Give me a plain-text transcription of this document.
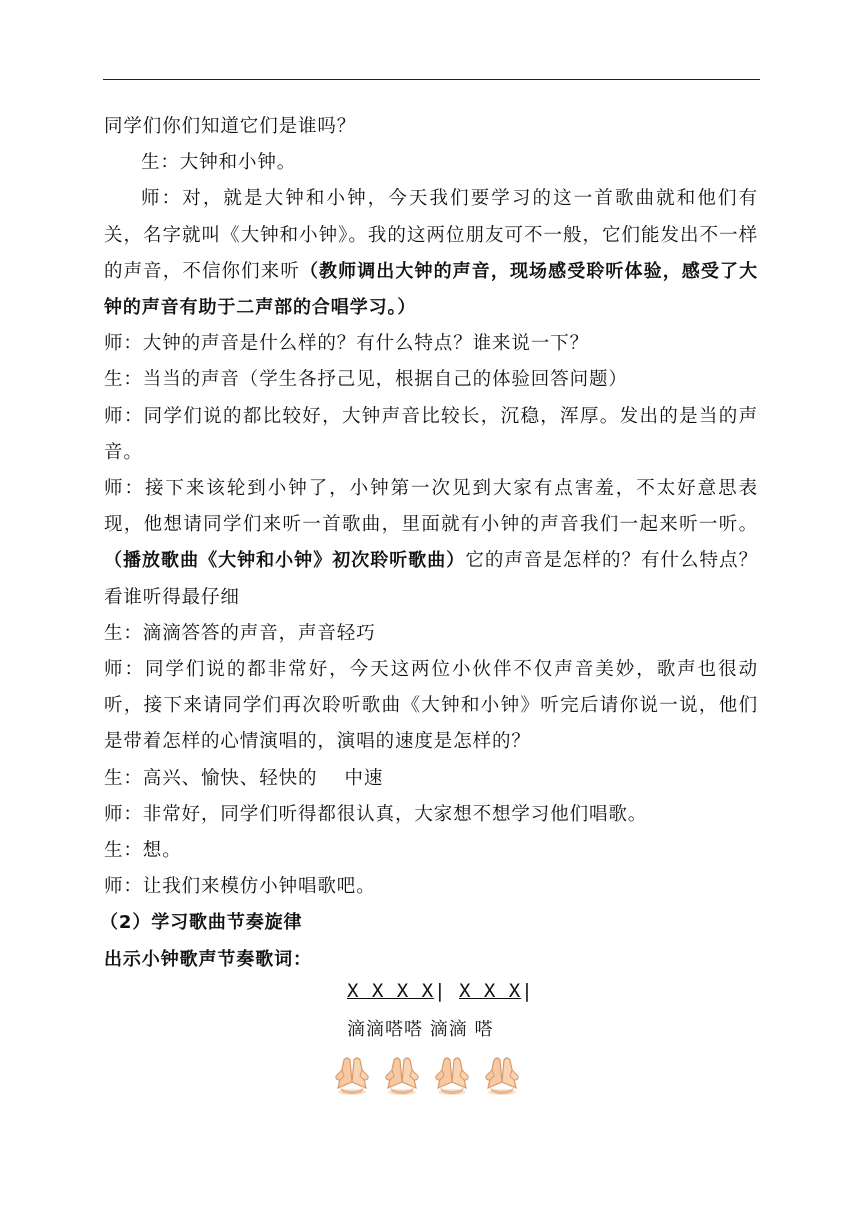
同学们你们知道它们是谁吗？

生：大钟和小钟。

师：对，就是大钟和小钟，今天我们要学习的这一首歌曲就和他们有关，名字就叫《大钟和小钟》。我的这两位朋友可不一般，它们能发出不一样的声音，不信你们来听（教师调出大钟的声音，现场感受聆听体验，感受了大钟的声音有助于二声部的合唱学习。）

师：大钟的声音是什么样的？有什么特点？谁来说一下？

生：当当的声音（学生各抒己见，根据自己的体验回答问题）

师：同学们说的都比较好，大钟声音比较长，沉稳，浑厚。发出的是当的声音。

师：接下来该轮到小钟了，小钟第一次见到大家有点害羞，不太好意思表现，他想请同学们来听一首歌曲，里面就有小钟的声音我们一起来听一听。（播放歌曲《大钟和小钟》初次聆听歌曲）它的声音是怎样的？有什么特点？看谁听得最仔细

生：滴滴答答的声音，声音轻巧

师：同学们说的都非常好，今天这两位小伙伴不仅声音美妙，歌声也很动听，接下来请同学们再次聆听歌曲《大钟和小钟》听完后请你说一说，他们是带着怎样的心情演唱的，演唱的速度是怎样的？

生：高兴、愉快、轻快的    中速

师：非常好，同学们听得都很认真，大家想不想学习他们唱歌。

生：想。

师：让我们来模仿小钟唱歌吧。

（2）学习歌曲节奏旋律

出示小钟歌声节奏歌词：

X X X X| X X X|
滴滴嗒嗒 滴滴 嗒
